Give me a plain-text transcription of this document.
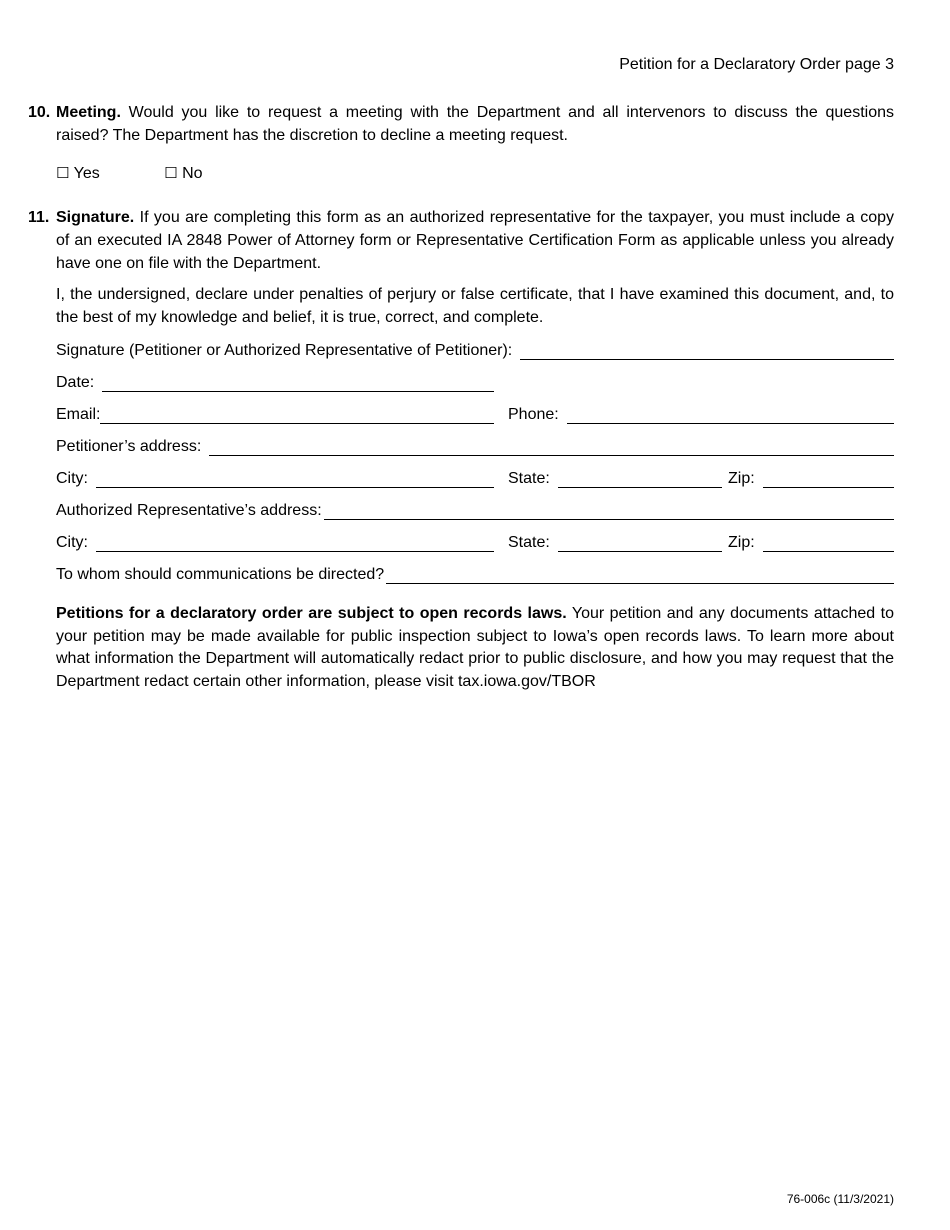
Petition for a Declaratory Order page 3
10. Meeting. Would you like to request a meeting with the Department and all intervenors to discuss the questions raised? The Department has the discretion to decline a meeting request.
☐ Yes	☐ No
11. Signature. If you are completing this form as an authorized representative for the taxpayer, you must include a copy of an executed IA 2848 Power of Attorney form or Representative Certification Form as applicable unless you already have one on file with the Department.
I, the undersigned, declare under penalties of perjury or false certificate, that I have examined this document, and, to the best of my knowledge and belief, it is true, correct, and complete.
Signature (Petitioner or Authorized Representative of Petitioner):
Date:
Email:	Phone:
Petitioner’s address:
City:	State:	Zip:
Authorized Representative’s address:
City:	State:	Zip:
To whom should communications be directed?
Petitions for a declaratory order are subject to open records laws. Your petition and any documents attached to your petition may be made available for public inspection subject to Iowa’s open records laws. To learn more about what information the Department will automatically redact prior to public disclosure, and how you may request that the Department redact certain other information, please visit tax.iowa.gov/TBOR
76-006c (11/3/2021)
